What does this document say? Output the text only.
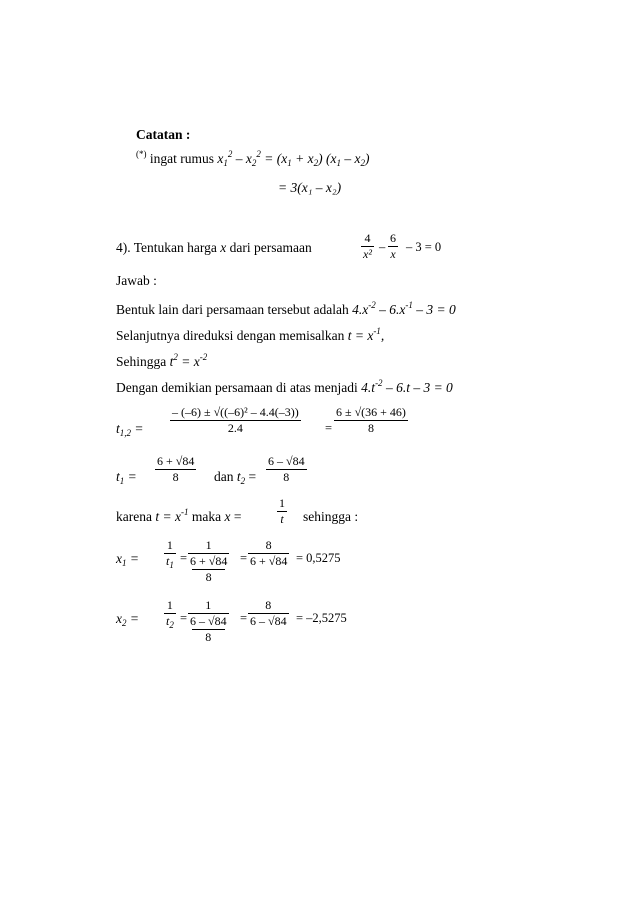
Catatan :
(*) ingat rumus $x_1^2 - x_2^2 = (x_1 + x_2)$ $(x_1 - x_2)$
= 3(x₁ – x₂)
4). Tentukan harga x dari persamaan	$\frac{4}{\text{x²}} - \frac{6}{x} - 3 = 0$
Jawab :
Bentuk lain dari persamaan tersebut adalah $4.x^{-2} - 6.x^{-1} - 3 = 0$
Selanjutnya direduksi dengan memisalkan $t = x^{-1}$,
Sehingga $t^2 = x^{-2}$
Dengan demikian persamaan di atas menjadi $4.t^{-2} - 6.t - 3 = 0$
$t_{1,2} = \frac{\text{– (–6) ± √((–6)² – 4.4(–3))}}{2.4} = \frac{6 \pm √(36 + 46)}{8}$
$t_1 = \frac{6 + √84}{8}$ dan $t_2 = \frac{6 - √84}{8}$
karena $t = x^{-1}$ maka x =	$\frac{1}{t}$ sehingga :
$x_1 = \frac{1}{t_1}$ =
1
6 + √84
8
= $\frac{8}{6 + √84} = 0,5275$
$x_2 = \frac{1}{t_2}$ =
1
6 – √84
8
= $\frac{8}{6 - √84} = -2,5275$
